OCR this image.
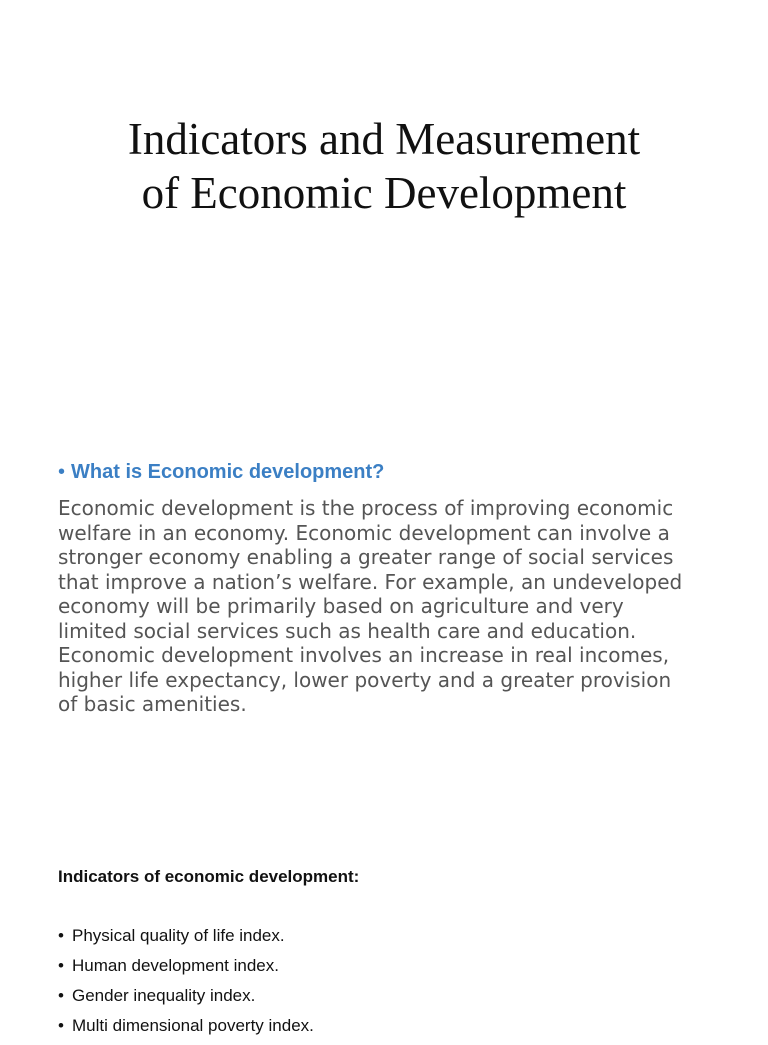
Indicators and Measurement
of Economic Development
• What is Economic development?

Economic development is the process of improving economic
welfare in an economy. Economic development can involve a
stronger economy enabling a greater range of social services
that improve a nation’s welfare. For example, an undeveloped
economy will be primarily based on agriculture and very
limited social services such as health care and education.
Economic development involves an increase in real incomes,
higher life expectancy, lower poverty and a greater provision
of basic amenities.

Indicators of economic development:
• Physical quality of life index.
• Human development index.
• Gender inequality index.
• Multi dimensional poverty index.
